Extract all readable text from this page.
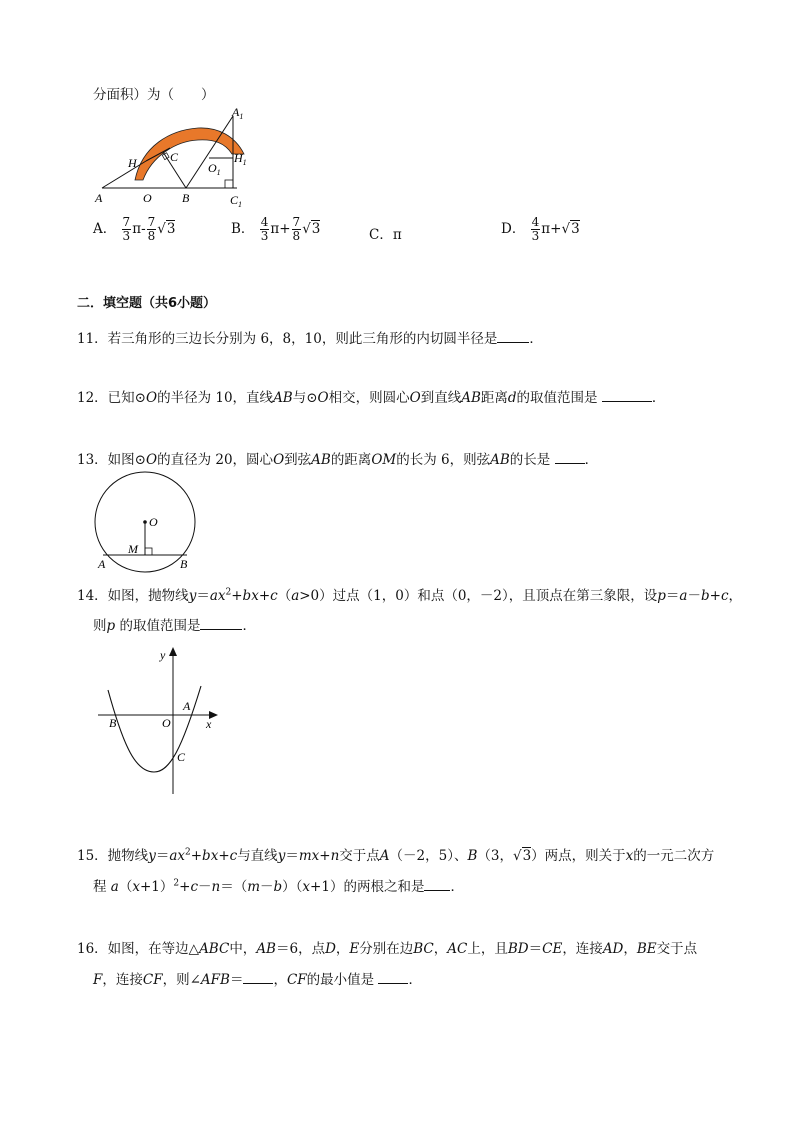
分面积）为（　　）
$A_1$
$H_1$
$O_1$
$C_1$
H	C
A	O	B
A． $\frac{7}{3} \pi- \frac{7}{8} √3$	B． $\frac{4}{3} \pi+ \frac{7}{8} √3$	C．π	D． $\frac{4}{3} \pi+√3$
二．填空题（共6小题）
11．若三角形的三边长分别为 6，8，10，则此三角形的内切圆半径是 ．
12．已知⊙O的半径为 10，直线AB与⊙O相交，则圆心O到直线AB距离d的取值范围是	．
13．如图⊙O的直径为 20，圆心O到弦AB的距离OM的长为 6，则弦AB的长是	．
O
M
A	B
14．如图，抛物线$y=ax^2+bx+c(a>0)$过点（1，0）和点（0，－2），且顶点在第三象限，设p＝a－b+c，
则p 的取值范围是	．
y
x
A
B	O
C
15．抛物线$y=ax^2+bx+c$与直线y＝mx+n交于点A（－2，5）、B（3，√3）两点，则关于x的一元二次方
程 $a(x+1)^2+c-n=(m-b)(x+1)$的两根之和是 ．
16．如图，在等边△ABC中，AB＝6，点D，E分别在边BC，AC上，且BD＝CE，连接AD，BE交于点
F，连接CF，则∠AFB＝ ，CF的最小值是	．
